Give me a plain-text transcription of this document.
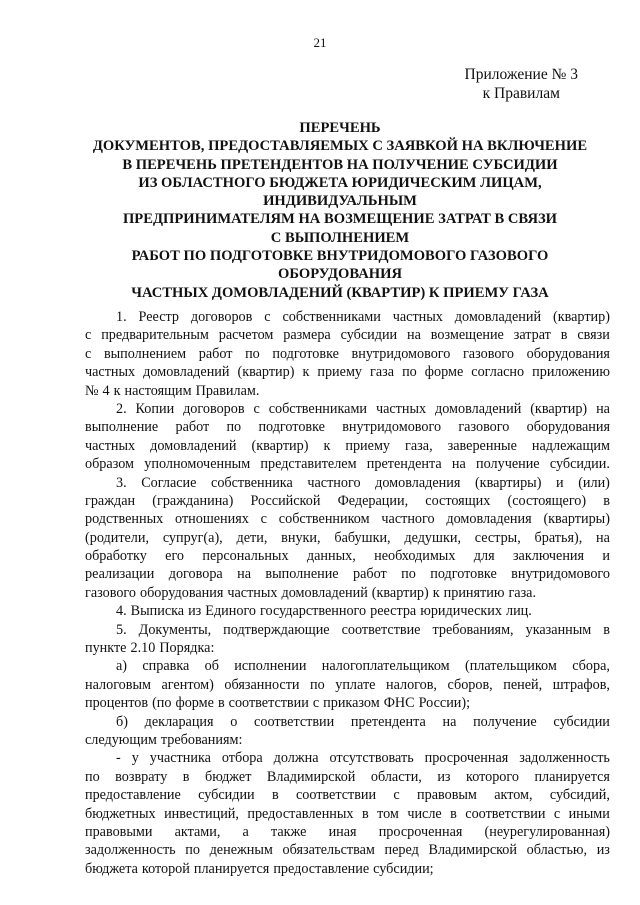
21
Приложение № 3
к Правилам
ПЕРЕЧЕНЬ
ДОКУМЕНТОВ, ПРЕДОСТАВЛЯЕМЫХ С ЗАЯВКОЙ НА ВКЛЮЧЕНИЕ
В ПЕРЕЧЕНЬ ПРЕТЕНДЕНТОВ НА ПОЛУЧЕНИЕ СУБСИДИИ
ИЗ ОБЛАСТНОГО БЮДЖЕТА ЮРИДИЧЕСКИМ ЛИЦАМ,
ИНДИВИДУАЛЬНЫМ
ПРЕДПРИНИМАТЕЛЯМ НА ВОЗМЕЩЕНИЕ ЗАТРАТ В СВЯЗИ
С ВЫПОЛНЕНИЕМ
РАБОТ ПО ПОДГОТОВКЕ ВНУТРИДОМОВОГО ГАЗОВОГО
ОБОРУДОВАНИЯ
ЧАСТНЫХ ДОМОВЛАДЕНИЙ (КВАРТИР) К ПРИЕМУ ГАЗА
1. Реестр договоров с собственниками частных домовладений (квартир)
с предварительным расчетом размера субсидии на возмещение затрат в связи
с выполнением работ по подготовке внутридомового газового оборудования
частных домовладений (квартир) к приему газа по форме согласно приложению
№ 4 к настоящим Правилам.
2. Копии договоров с собственниками частных домовладений (квартир) на
выполнение работ по подготовке внутридомового газового оборудования
частных домовладений (квартир) к приему газа, заверенные надлежащим
образом уполномоченным представителем претендента на получение субсидии.
3. Согласие собственника частного домовладения (квартиры) и (или)
граждан (гражданина) Российской Федерации, состоящих (состоящего) в
родственных отношениях с собственником частного домовладения (квартиры)
(родители, супруг(а), дети, внуки, бабушки, дедушки, сестры, братья), на
обработку его персональных данных, необходимых для заключения и
реализации договора на выполнение работ по подготовке внутридомового
газового оборудования частных домовладений (квартир) к принятию газа.
4. Выписка из Единого государственного реестра юридических лиц.
5. Документы, подтверждающие соответствие требованиям, указанным в
пункте 2.10 Порядка:
а) справка об исполнении налогоплательщиком (плательщиком сбора,
налоговым агентом) обязанности по уплате налогов, сборов, пеней, штрафов,
процентов (по форме в соответствии с приказом ФНС России);
б) декларация о соответствии претендента на получение субсидии
следующим требованиям:
- у участника отбора должна отсутствовать просроченная задолженность
по возврату в бюджет Владимирской области, из которого планируется
предоставление субсидии в соответствии с правовым актом, субсидий,
бюджетных инвестиций, предоставленных в том числе в соответствии с иными
правовыми актами, а также иная просроченная (неурегулированная)
задолженность по денежным обязательствам перед Владимирской областью, из
бюджета которой планируется предоставление субсидии;
